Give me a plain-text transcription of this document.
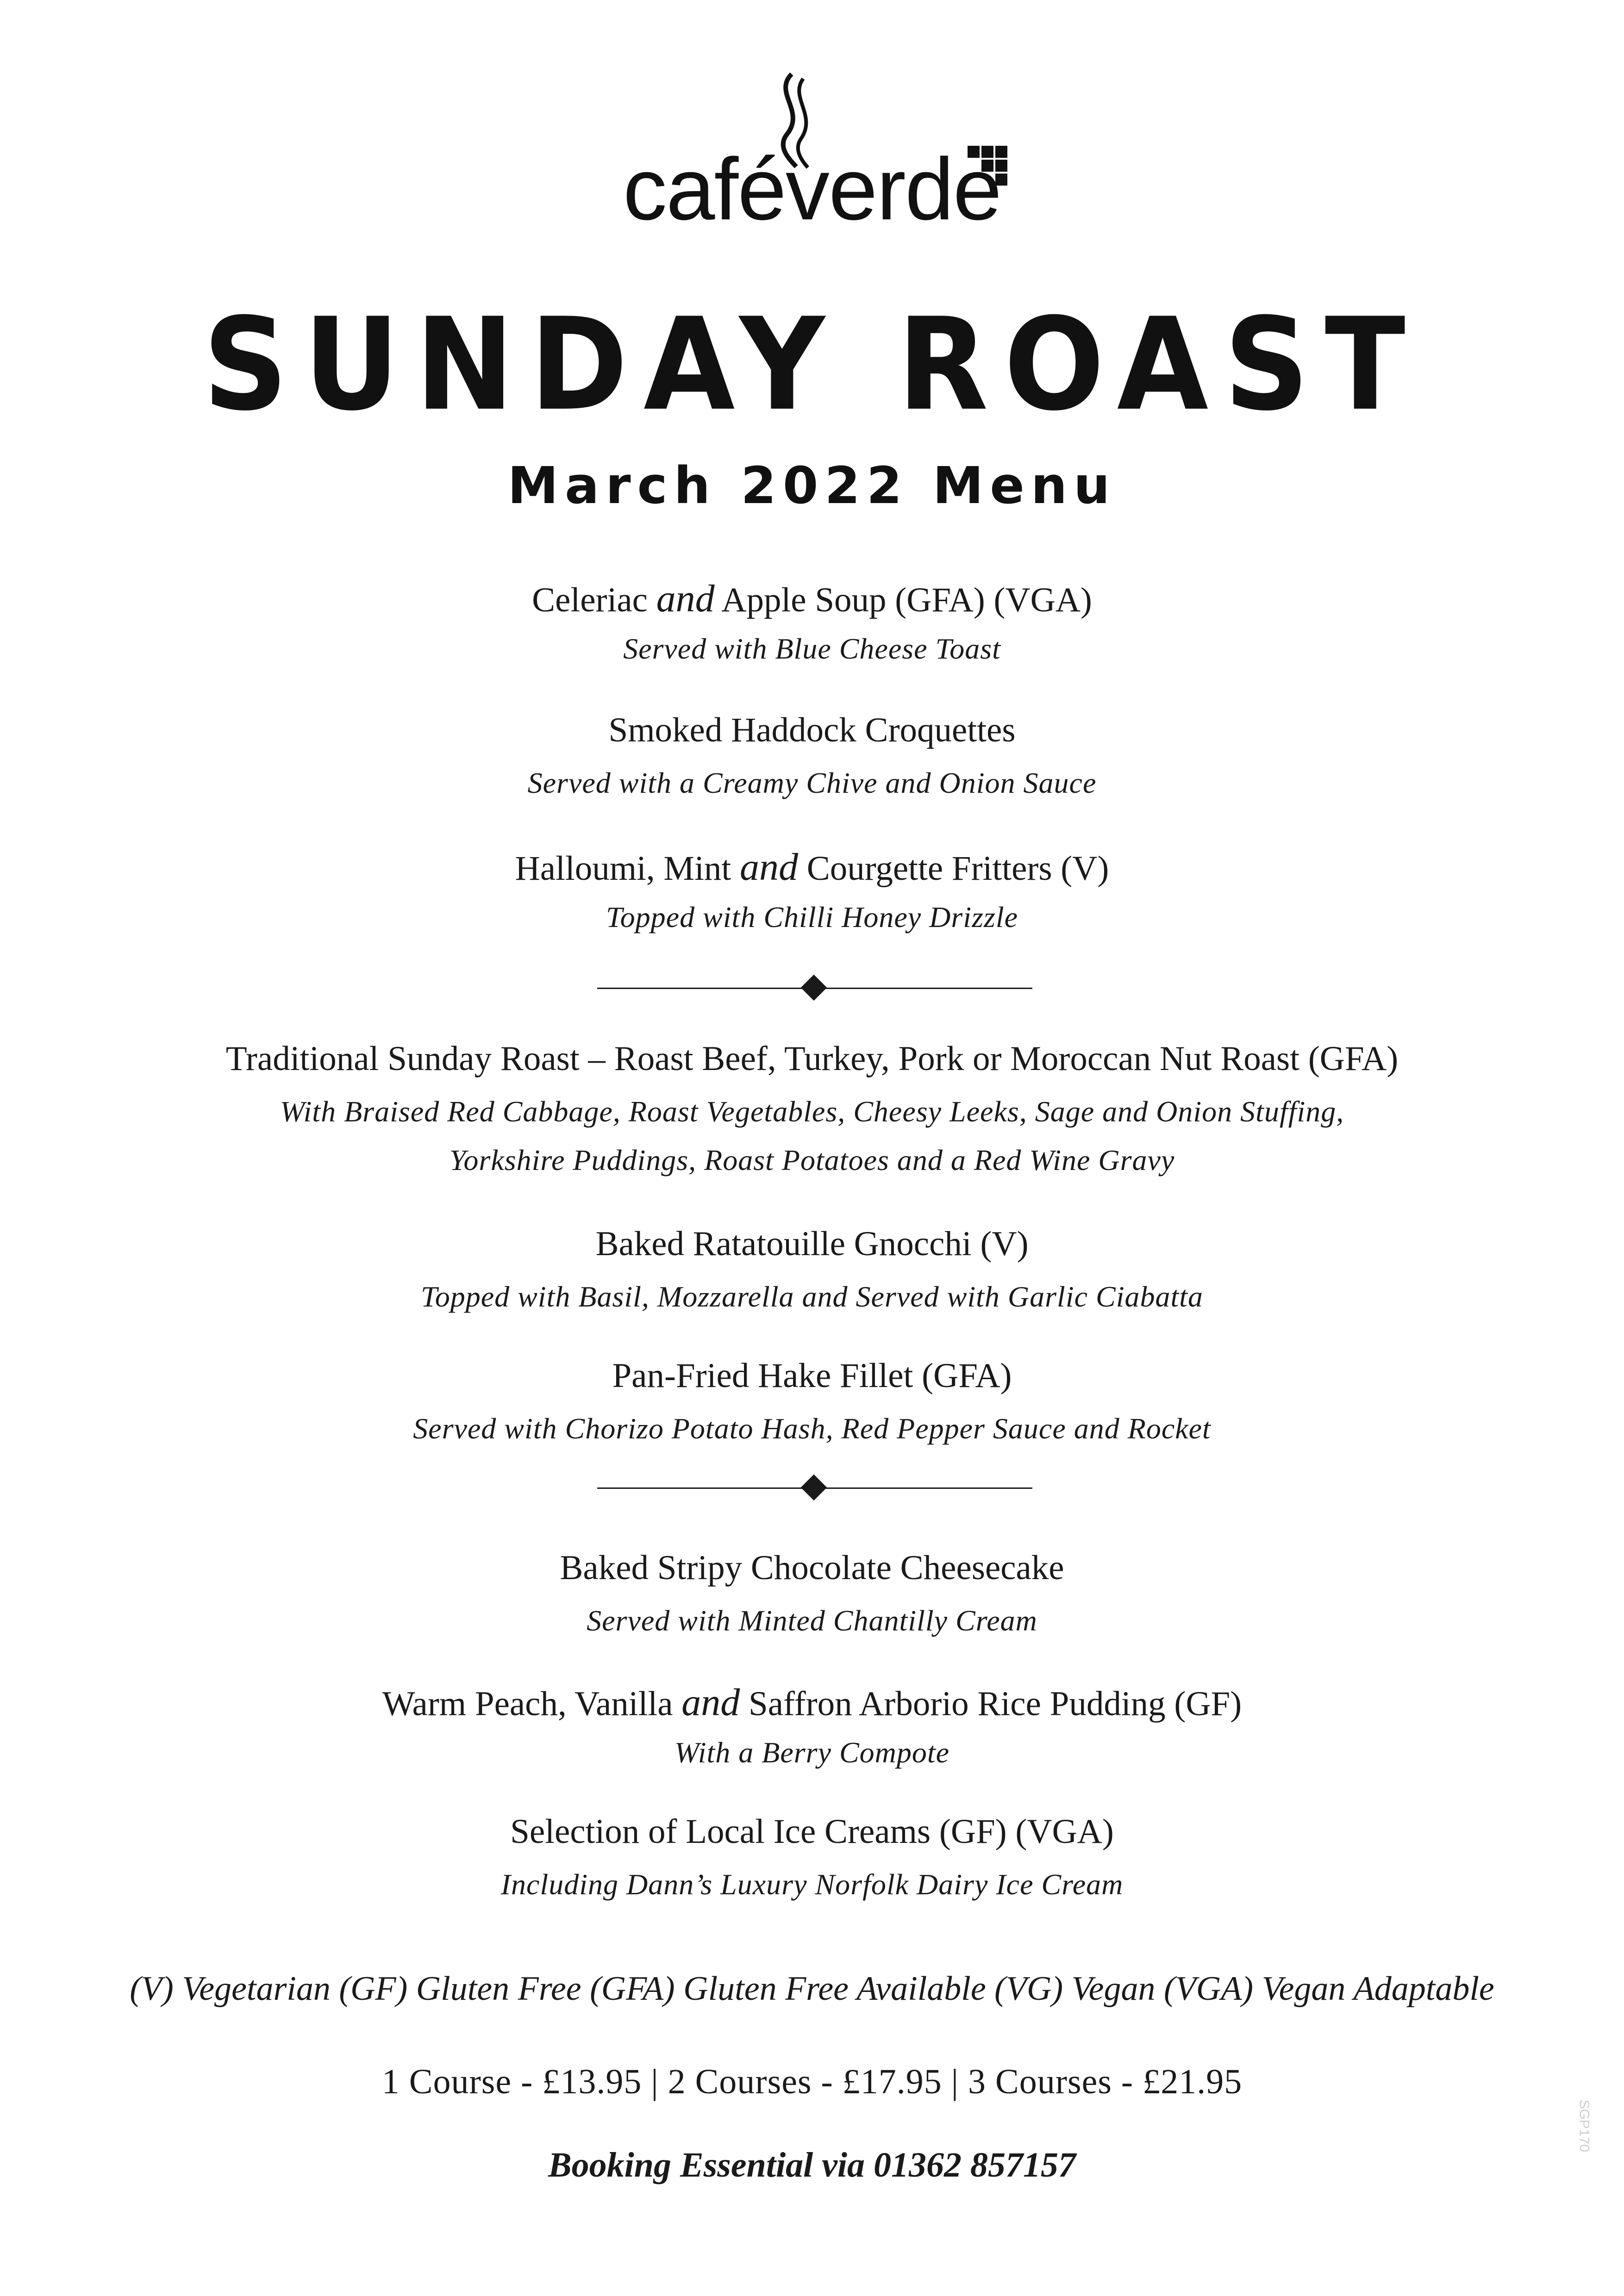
caféverde
SUNDAY ROAST
March 2022 Menu
Celeriac and Apple Soup (GFA) (VGA)
Served with Blue Cheese Toast
Smoked Haddock Croquettes
Served with a Creamy Chive and Onion Sauce
Halloumi, Mint and Courgette Fritters (V)
Topped with Chilli Honey Drizzle
Traditional Sunday Roast – Roast Beef, Turkey, Pork or Moroccan Nut Roast (GFA)
With Braised Red Cabbage, Roast Vegetables, Cheesy Leeks, Sage and Onion Stuffing,
Yorkshire Puddings, Roast Potatoes and a Red Wine Gravy
Baked Ratatouille Gnocchi (V)
Topped with Basil, Mozzarella and Served with Garlic Ciabatta
Pan-Fried Hake Fillet (GFA)
Served with Chorizo Potato Hash, Red Pepper Sauce and Rocket
Baked Stripy Chocolate Cheesecake
Served with Minted Chantilly Cream
Warm Peach, Vanilla and Saffron Arborio Rice Pudding (GF)
With a Berry Compote
Selection of Local Ice Creams (GF) (VGA)
Including Dann’s Luxury Norfolk Dairy Ice Cream
(V) Vegetarian (GF) Gluten Free (GFA) Gluten Free Available (VG) Vegan (VGA) Vegan Adaptable
1 Course - £13.95 | 2 Courses - £17.95 | 3 Courses - £21.95
Booking Essential via 01362 857157
SGP170
